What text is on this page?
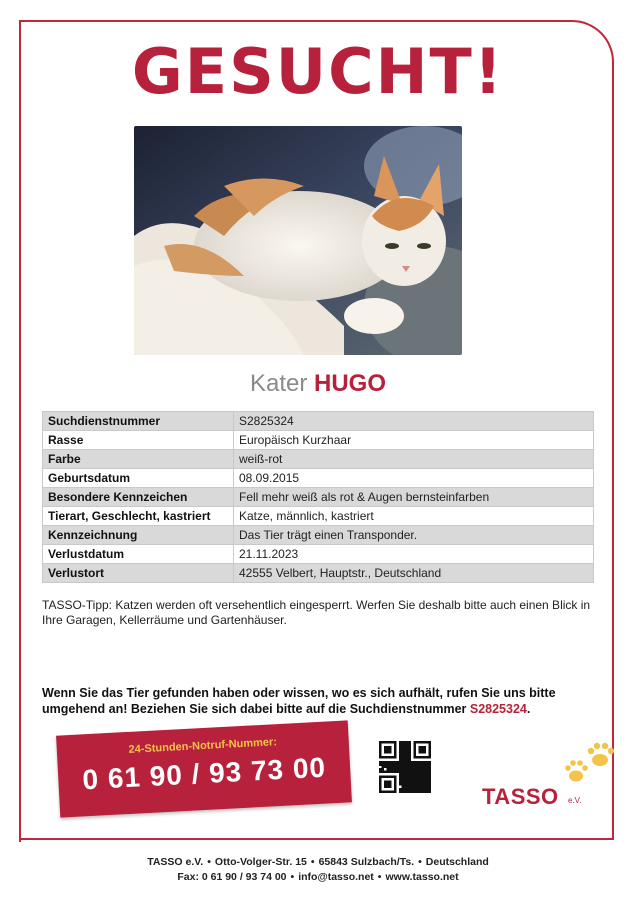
GESUCHT!
Kater HUGO
Suchdienstnummer	S2825324
Rasse	Europäisch Kurzhaar
Farbe	weiß-rot
Geburtsdatum	08.09.2015
Besondere Kennzeichen	Fell mehr weiß als rot & Augen bernsteinfarben
Tierart, Geschlecht, kastriert	Katze, männlich, kastriert
Kennzeichnung	Das Tier trägt einen Transponder.
Verlustdatum	21.11.2023
Verlustort	42555 Velbert, Hauptstr., Deutschland
TASSO-Tipp: Katzen werden oft versehentlich eingesperrt. Werfen Sie deshalb bitte auch einen Blick in Ihre Garagen, Kellerräume und Gartenhäuser.
Wenn Sie das Tier gefunden haben oder wissen, wo es sich aufhält, rufen Sie uns bitte umgehend an! Beziehen Sie sich dabei bitte auf die Suchdienstnummer S2825324.
24-Stunden-Notruf-Nummer:
0 61 90 / 93 73 00
TASSO e.V.
TASSO e.V. • Otto-Volger-Str. 15 • 65843 Sulzbach/Ts. • Deutschland
Fax: 0 61 90 / 93 74 00 • info@tasso.net • www.tasso.net
